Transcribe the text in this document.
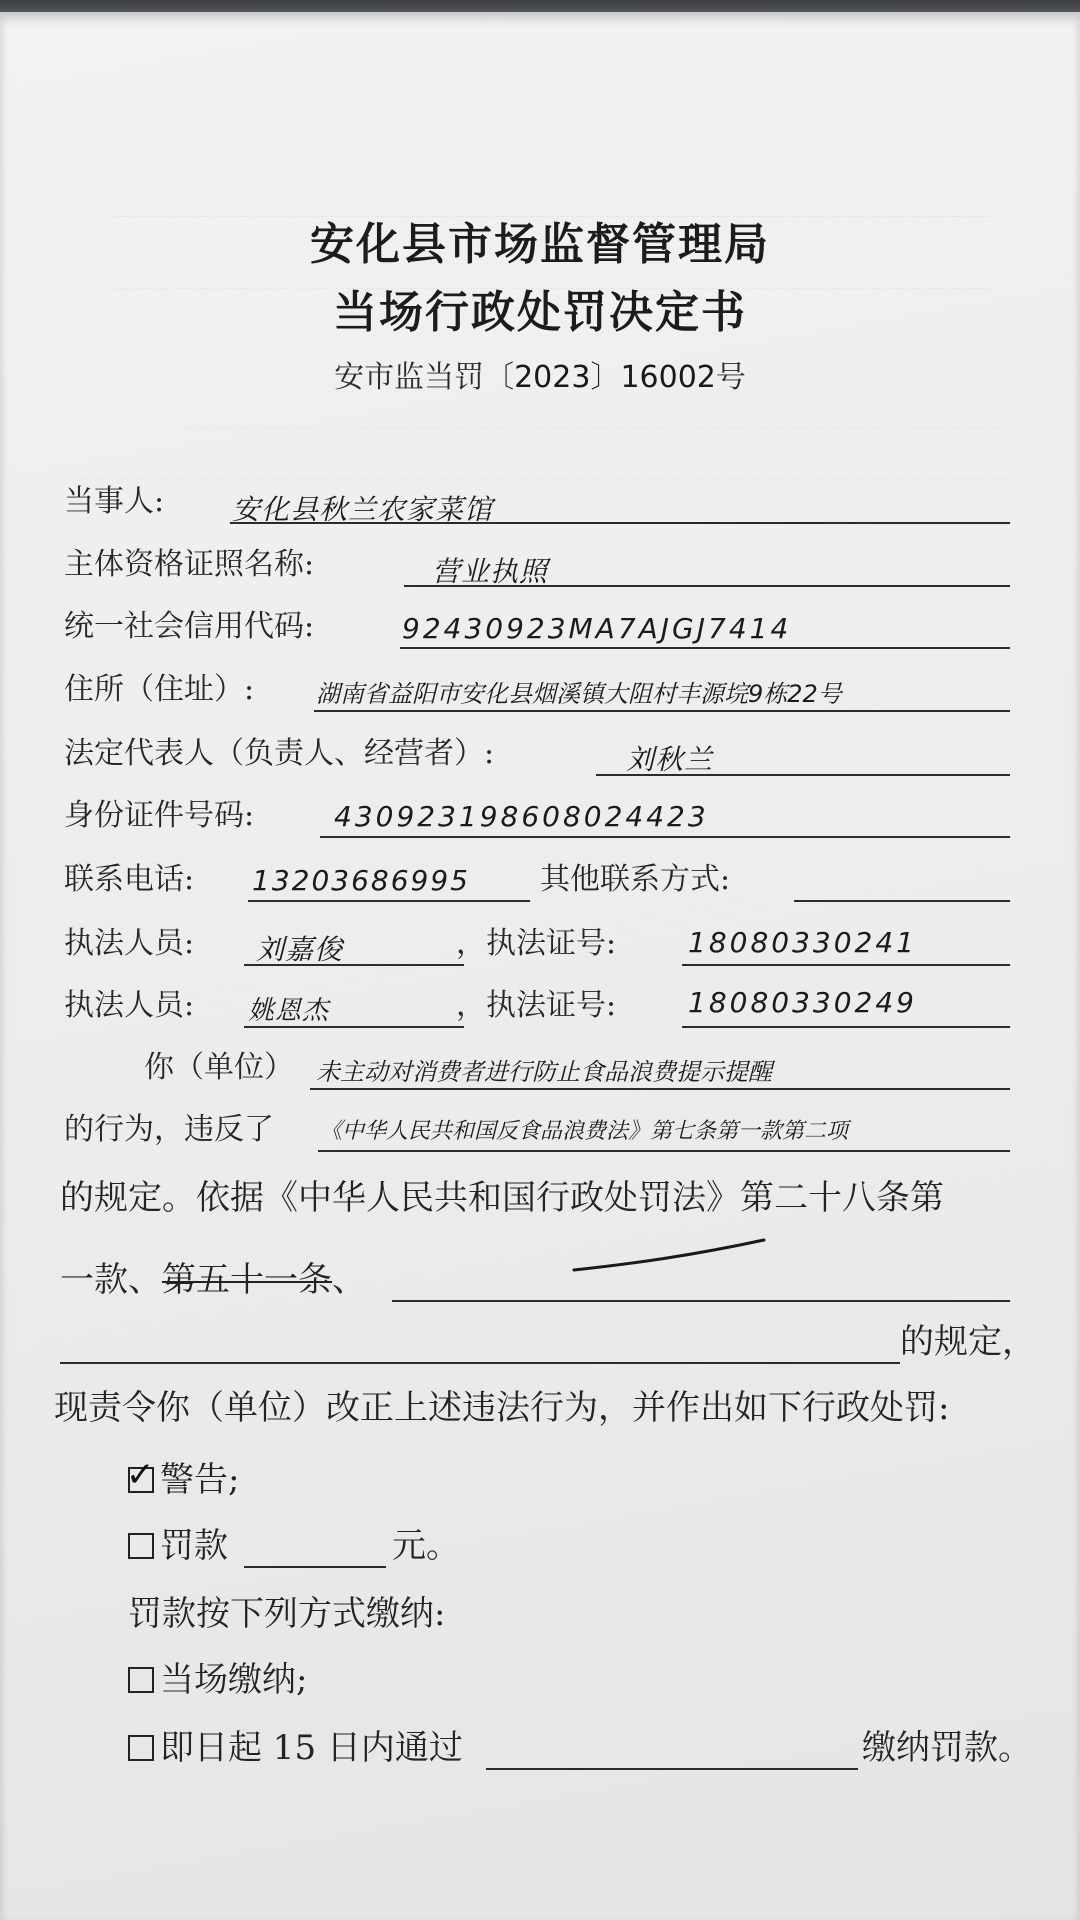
安化县市场监督管理局
当场行政处罚决定书
安市监当罚〔2023〕16002号
当事人: 安化县秋兰农家菜馆
主体资格证照名称:	营业执照
统一社会信用代码:	92430923MA7AJGJ7414
住所（住址）:	湖南省益阳市安化县烟溪镇大阻村丰源垸9栋22号
法定代表人（负责人、经营者）:	刘秋兰
身份证件号码:	430923198608024423
联系电话: 13203686995 其他联系方式:
执法人员: 刘嘉俊	，执法证号:	18080330241
执法人员: 姚恩杰	，执法证号:	18080330249
你（单位） 未主动对消费者进行防止食品浪费提示提醒
的行为，违反了 《中华人民共和国反食品浪费法》第七条第一款第二项
的规定。依据《中华人民共和国行政处罚法》第二十八条第
一款、第五十一条、
的规定，
现责令你（单位）改正上述违法行为，并作出如下行政处罚:
✓ 警告;
罚款	元。
罚款按下列方式缴纳:
当场缴纳;
即日起 15 日内通过	缴纳罚款。
